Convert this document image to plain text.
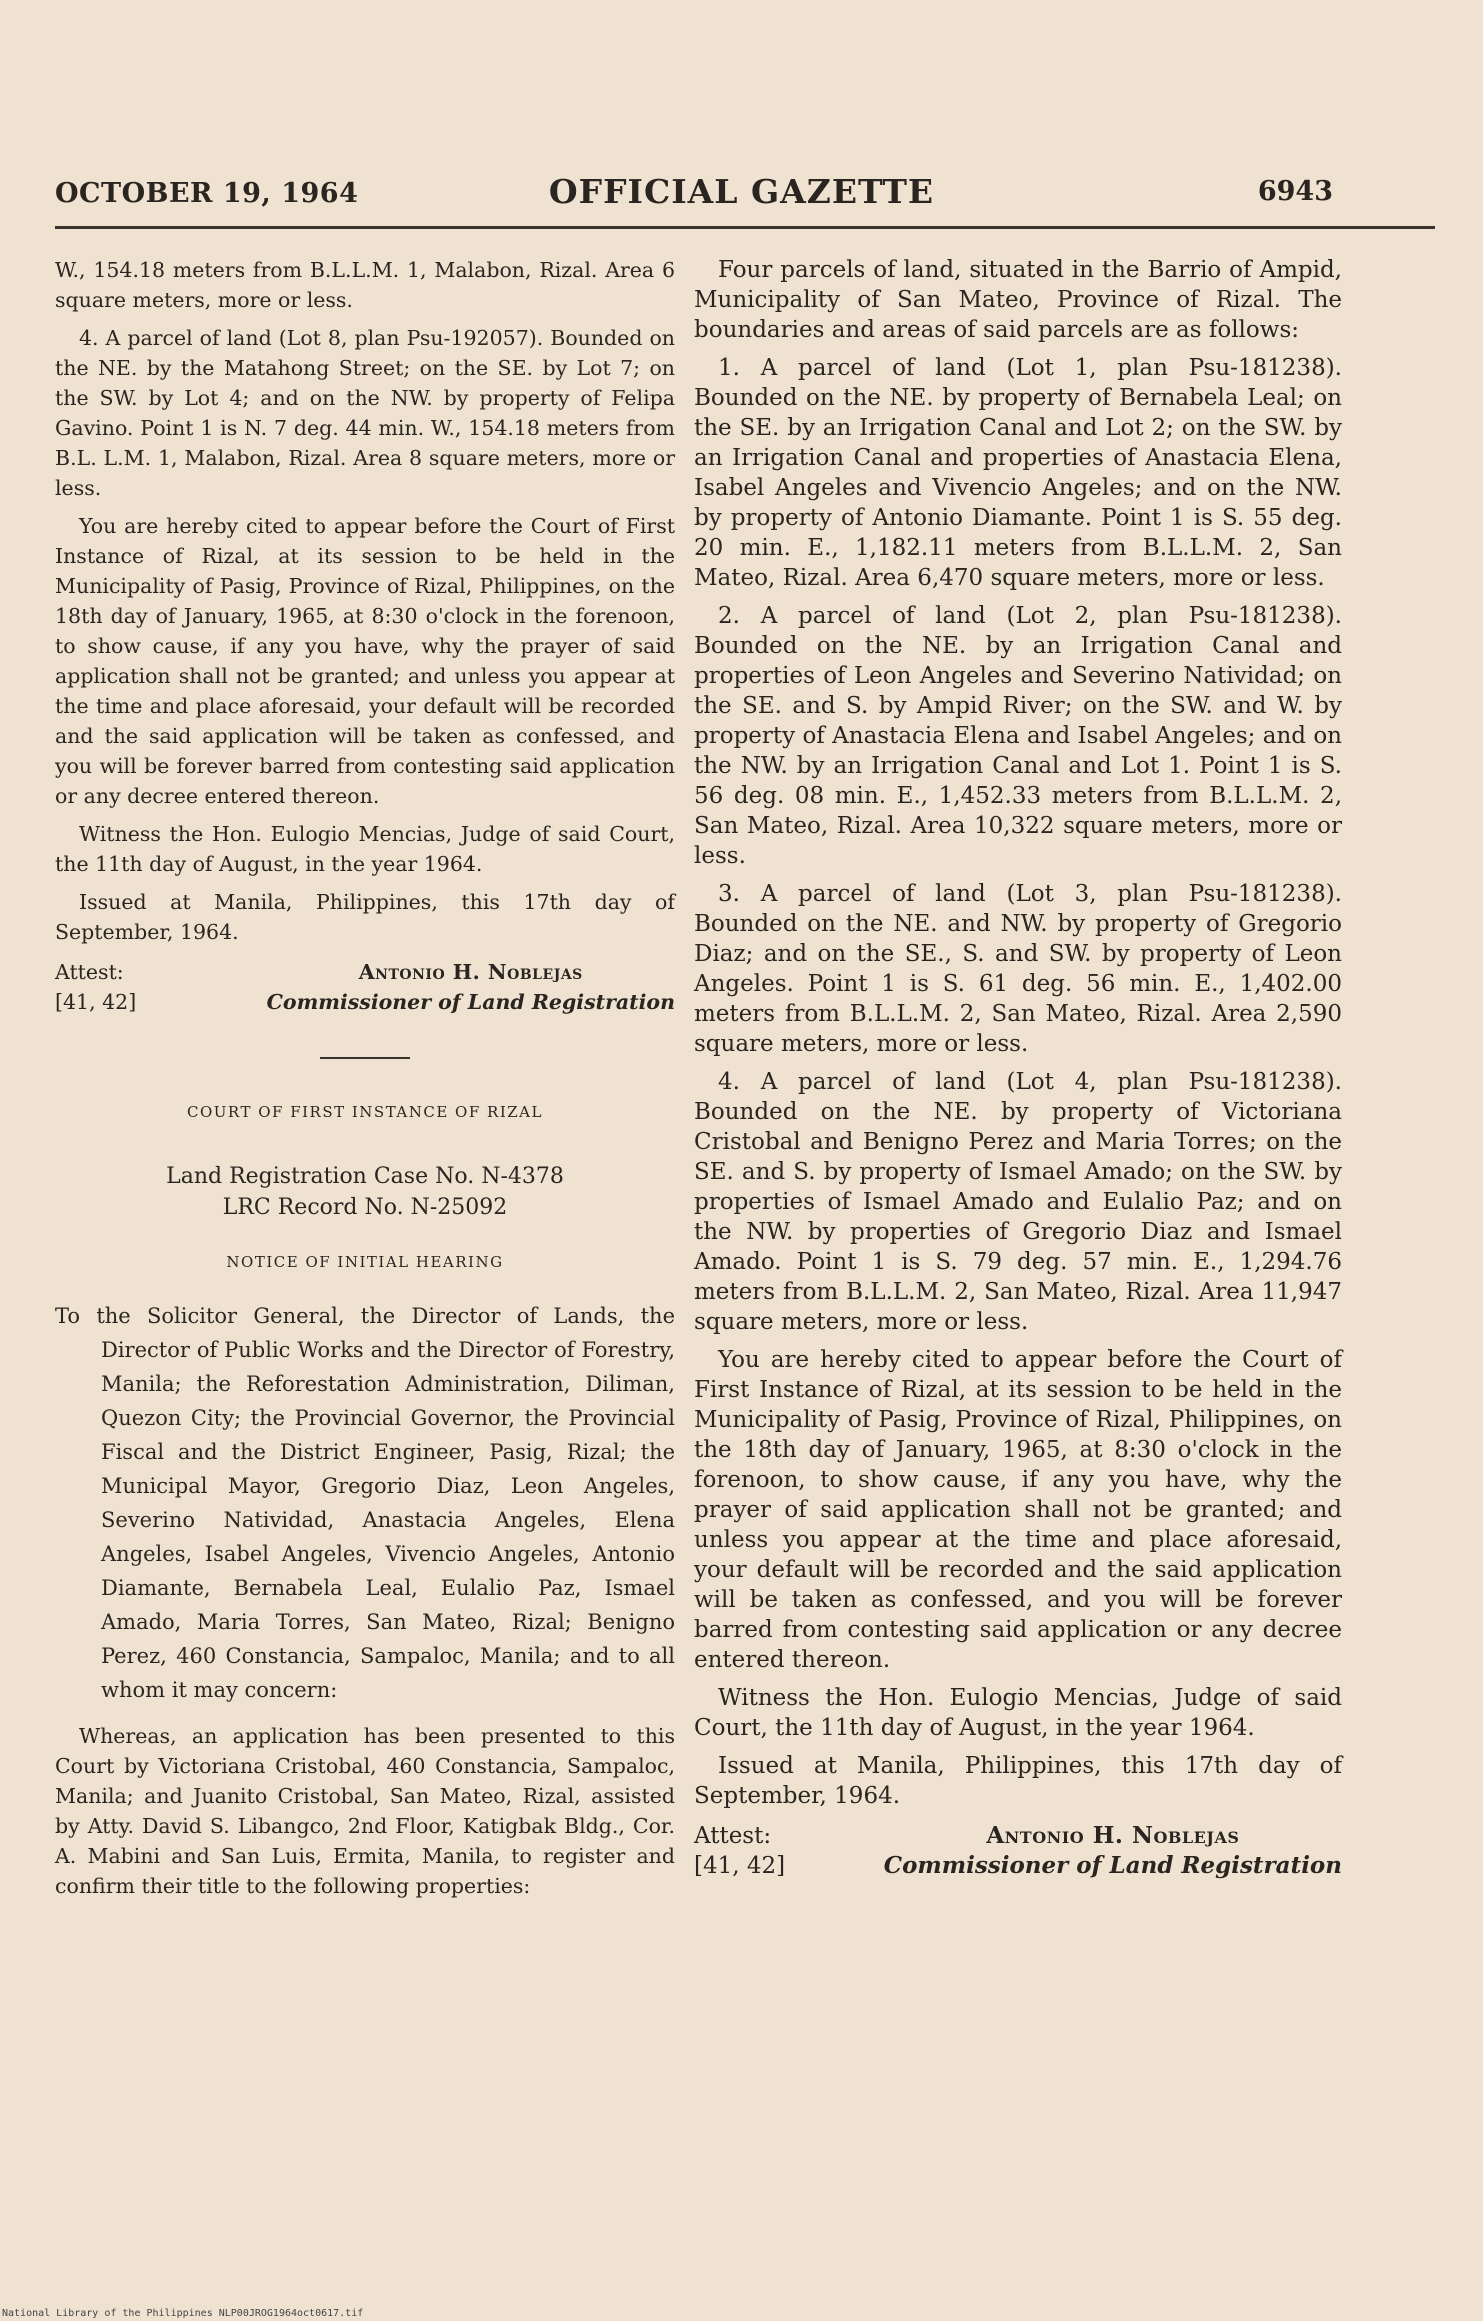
OCTOBER 19, 1964	OFFICIAL GAZETTE	6943

W., 154.18 meters from B.L.L.M. 1, Malabon, Rizal. Area 6 square meters, more or less.

4. A parcel of land (Lot 8, plan Psu-192057). Bounded on the NE. by the Matahong Street; on the SE. by Lot 7; on the SW. by Lot 4; and on the NW. by property of Felipa Gavino. Point 1 is N. 7 deg. 44 min. W., 154.18 meters from B.L. L.M. 1, Malabon, Rizal. Area 8 square meters, more or less.

You are hereby cited to appear before the Court of First Instance of Rizal, at its session to be held in the Municipality of Pasig, Province of Rizal, Philippines, on the 18th day of January, 1965, at 8:30 o'clock in the forenoon, to show cause, if any you have, why the prayer of said application shall not be granted; and unless you appear at the time and place aforesaid, your default will be recorded and the said application will be taken as confessed, and you will be forever barred from contesting said application or any decree entered thereon.

Witness the Hon. Eulogio Mencias, Judge of said Court, the 11th day of August, in the year 1964.

Issued at Manila, Philippines, this 17th day of September, 1964.

Attest:
[41, 42]
Antonio H. Noblejas
Commissioner of Land Registration
COURT OF FIRST INSTANCE OF RIZAL
Land Registration Case No. N-4378
LRC Record No. N-25092
NOTICE OF INITIAL HEARING
To the Solicitor General, the Director of Lands, the Director of Public Works and the Director of Forestry, Manila; the Reforestation Administration, Diliman, Quezon City; the Provincial Governor, the Provincial Fiscal and the District Engineer, Pasig, Rizal; the Municipal Mayor, Gregorio Diaz, Leon Angeles, Severino Natividad, Anastacia Angeles, Elena Angeles, Isabel Angeles, Vivencio Angeles, Antonio Diamante, Bernabela Leal, Eulalio Paz, Ismael Amado, Maria Torres, San Mateo, Rizal; Benigno Perez, 460 Constancia, Sampaloc, Manila; and to all whom it may concern:

Whereas, an application has been presented to this Court by Victoriana Cristobal, 460 Constancia, Sampaloc, Manila; and Juanito Cristobal, San Mateo, Rizal, assisted by Atty. David S. Libangco, 2nd Floor, Katigbak Bldg., Cor. A. Mabini and San Luis, Ermita, Manila, to register and confirm their title to the following properties:

Four parcels of land, situated in the Barrio of Ampid, Municipality of San Mateo, Province of Rizal. The boundaries and areas of said parcels are as follows:

1. A parcel of land (Lot 1, plan Psu-181238). Bounded on the NE. by property of Bernabela Leal; on the SE. by an Irrigation Canal and Lot 2; on the SW. by an Irrigation Canal and properties of Anastacia Elena, Isabel Angeles and Vivencio Angeles; and on the NW. by property of Antonio Diamante. Point 1 is S. 55 deg. 20 min. E., 1,182.11 meters from B.L.L.M. 2, San Mateo, Rizal. Area 6,470 square meters, more or less.

2. A parcel of land (Lot 2, plan Psu-181238). Bounded on the NE. by an Irrigation Canal and properties of Leon Angeles and Severino Natividad; on the SE. and S. by Ampid River; on the SW. and W. by property of Anastacia Elena and Isabel Angeles; and on the NW. by an Irrigation Canal and Lot 1. Point 1 is S. 56 deg. 08 min. E., 1,452.33 meters from B.L.L.M. 2, San Mateo, Rizal. Area 10,322 square meters, more or less.

3. A parcel of land (Lot 3, plan Psu-181238). Bounded on the NE. and NW. by property of Gregorio Diaz; and on the SE., S. and SW. by property of Leon Angeles. Point 1 is S. 61 deg. 56 min. E., 1,402.00 meters from B.L.L.M. 2, San Mateo, Rizal. Area 2,590 square meters, more or less.

4. A parcel of land (Lot 4, plan Psu-181238). Bounded on the NE. by property of Victoriana Cristobal and Benigno Perez and Maria Torres; on the SE. and S. by property of Ismael Amado; on the SW. by properties of Ismael Amado and Eulalio Paz; and on the NW. by properties of Gregorio Diaz and Ismael Amado. Point 1 is S. 79 deg. 57 min. E., 1,294.76 meters from B.L.L.M. 2, San Mateo, Rizal. Area 11,947 square meters, more or less.

You are hereby cited to appear before the Court of First Instance of Rizal, at its session to be held in the Municipality of Pasig, Province of Rizal, Philippines, on the 18th day of January, 1965, at 8:30 o'clock in the forenoon, to show cause, if any you have, why the prayer of said application shall not be granted; and unless you appear at the time and place aforesaid, your default will be recorded and the said application will be taken as confessed, and you will be forever barred from contesting said application or any decree entered thereon.

Witness the Hon. Eulogio Mencias, Judge of said Court, the 11th day of August, in the year 1964.

Issued at Manila, Philippines, this 17th day of September, 1964.

Attest:
[41, 42]
Antonio H. Noblejas
Commissioner of Land Registration
National Library of the Philippines NLP00JROG1964oct0617.tif
